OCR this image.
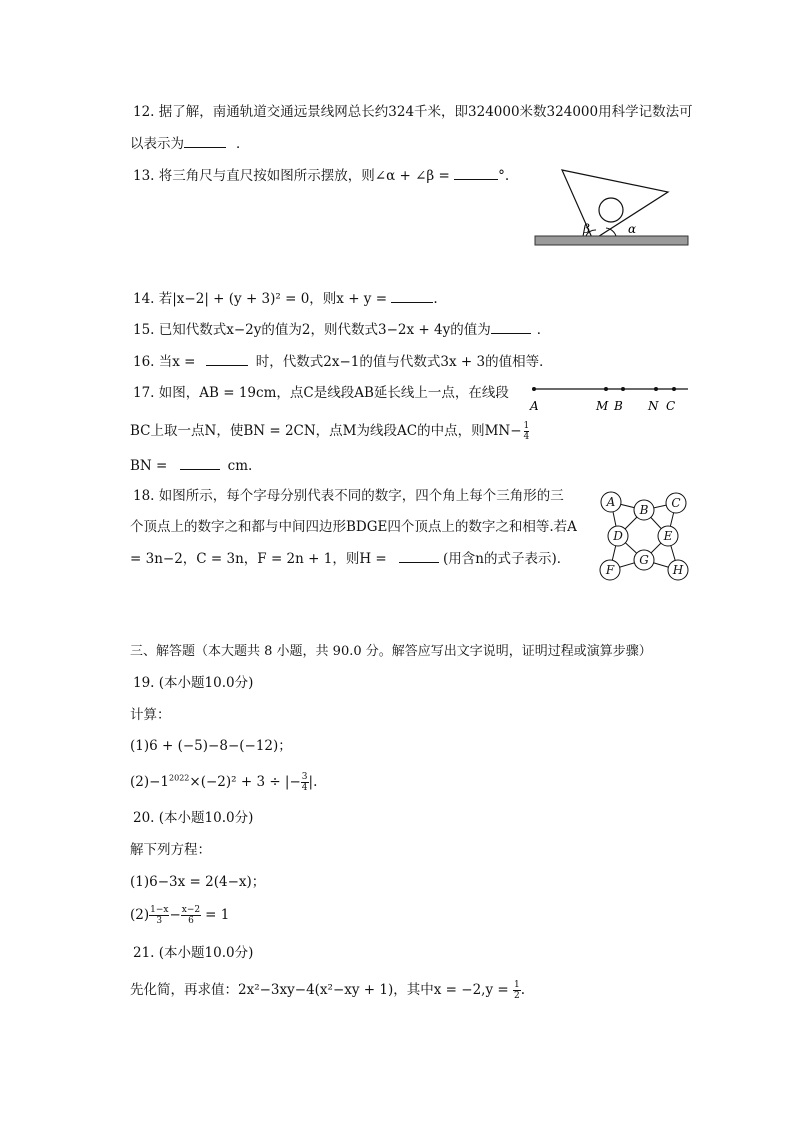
12. 据了解，南通轨道交通远景线网总长约324千米，即324000米数324000用科学记数法可
以表示为	．
13. 将三角尺与直尺按如图所示摆放，则∠α + ∠β =	°.
β	α
14. 若|x−2| + (y + 3)² = 0，则x + y =	.
15. 已知代数式x−2y的值为2，则代数式3−2x + 4y的值为	．
16. 当x =	时，代数式2x−1的值与代数式3x + 3的值相等．
17. 如图，AB = 19cm，点C是线段AB延长线上一点，在线段
BC上取一点N，使BN = 2CN，点M为线段AC的中点，则$MN- \frac{1}{4}$
BN =	cm.
A	M B N C
18. 如图所示，每个字母分别代表不同的数字，四个角上每个三角形的三
个顶点上的数字之和都与中间四边形BDGE四个顶点上的数字之和相等.若A
= 3n−2，C = 3n，F = 2n + 1，则H =	(用含n的式子表示)．
A
B C
D	E
F
G
H
三、解答题（本大题共 8 小题，共 90.0 分。解答应写出文字说明，证明过程或演算步骤）
19. (本小题10.0分)
计算：
(1)6 + (−5)−8−(−12)；
$(2)-1^{2022}\times(-2)^2 + 3$ ÷ |− $\frac{3}{4}$ |.
20. (本小题10.0分)
解下列方程：
(1)6−3x = 2(4−x)；
$(2) \frac{1-x}{3} - \frac{x-2}{6} = 1$
21. (本小题10.0分)
先化简，再求值：2x²−3xy−4(x²−xy + 1)，其中$x = -2,y = \frac{1}{2}$ .
